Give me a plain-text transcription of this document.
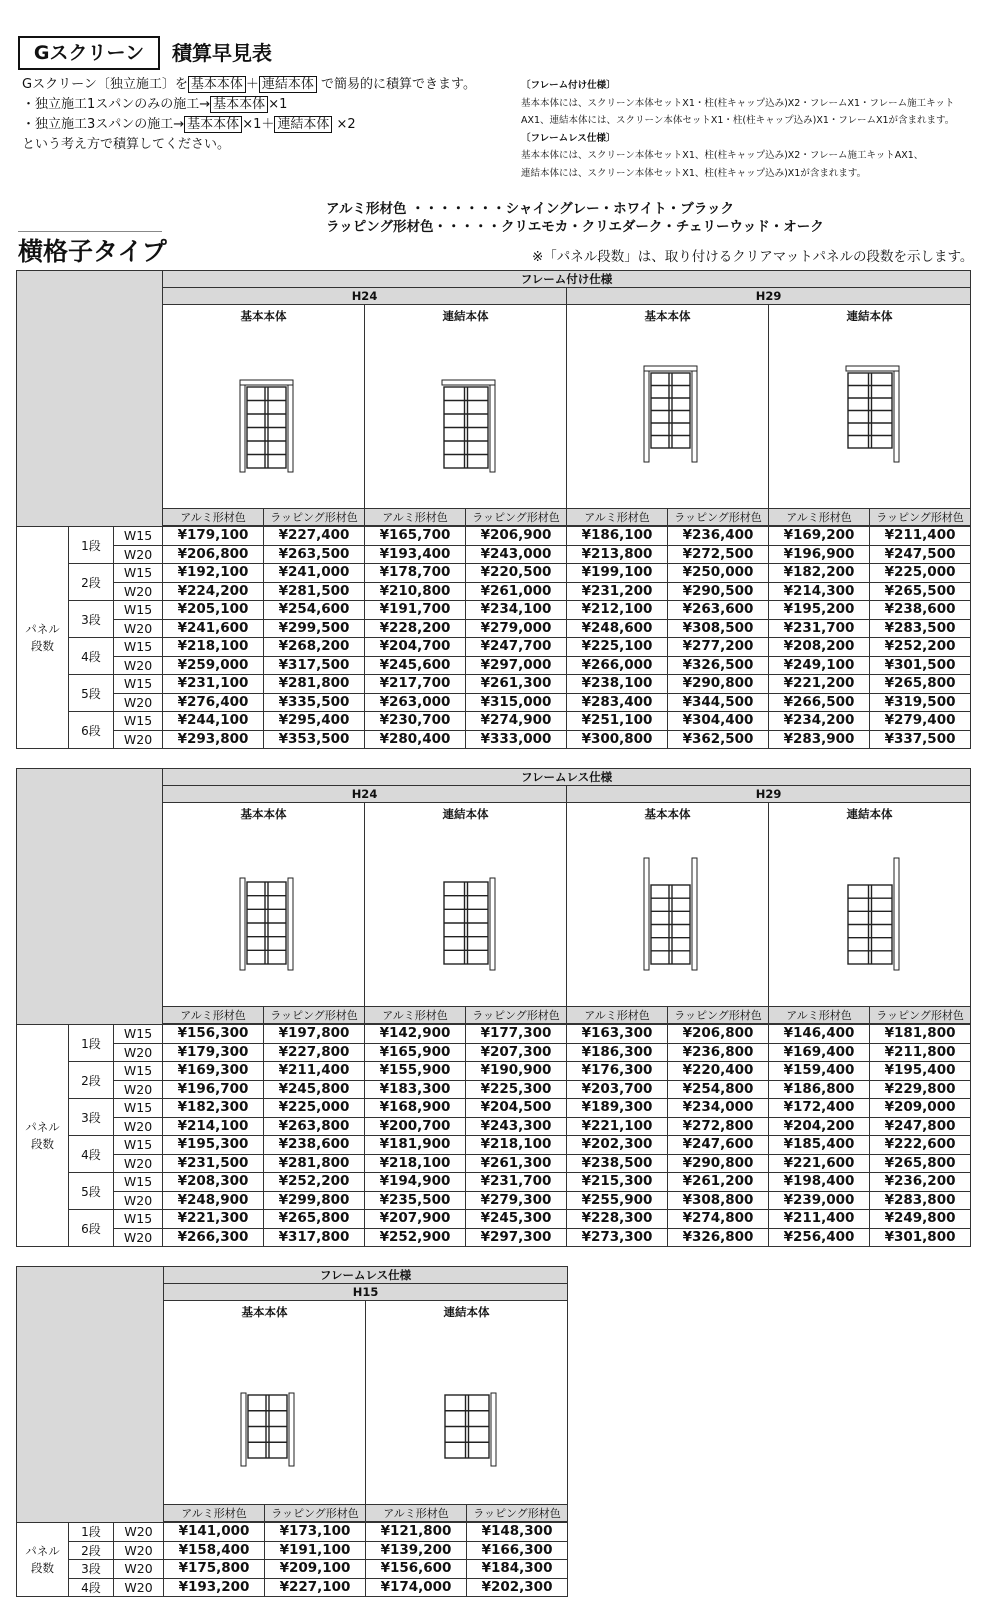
Gスクリーン	積算早見表
Gスクリーン〔独立施工〕を 基本本体 ＋ 連結本体 で簡易的に積算できます。
・独立施工1スパンのみの施工→ 基本本体 ×1
・独立施工3スパンの施工→ 基本本体 ×1＋ 連結本体 ×2
という考え方で積算してください。
〔フレーム付け仕様〕
基本本体には、スクリーン本体セットX1・柱(柱キャップ込み)X2・フレームX1・フレーム施工キット
AX1、連結本体には、スクリーン本体セットX1・柱(柱キャップ込み)X1・フレームX1が含まれます。
〔フレームレス仕様〕
基本本体には、スクリーン本体セットX1、柱(柱キャップ込み)X2・フレーム施工キットAX1、
連結本体には、スクリーン本体セットX1、柱(柱キャップ込み)X1が含まれます。
アルミ形材色 ・・・・・・・シャイングレー・ホワイト・ブラック
ラッピング形材色・・・・・クリエモカ・クリエダーク・チェリーウッド・オーク
横格子タイプ	※「パネル段数」は、取り付けるクリアマットパネルの段数を示します。
			フレーム付け仕様							
			H24				H29			

			基本本体		連結本体		基本本体		連結本体	

			アルミ形材色	ラッピング形材色	アルミ形材色	ラッピング形材色	アルミ形材色	ラッピング形材色	アルミ形材色	ラッピング形材色

パネル
段数	1段	W15	¥179,100	¥227,400	¥165,700	¥206,900	¥186,100	¥236,400	¥169,200	¥211,400
		W20	¥206,800	¥263,500	¥193,400	¥243,000	¥213,800	¥272,500	¥196,900	¥247,500
	2段	W15	¥192,100	¥241,000	¥178,700	¥220,500	¥199,100	¥250,000	¥182,200	¥225,000
		W20	¥224,200	¥281,500	¥210,800	¥261,000	¥231,200	¥290,500	¥214,300	¥265,500
	3段	W15	¥205,100	¥254,600	¥191,700	¥234,100	¥212,100	¥263,600	¥195,200	¥238,600
		W20	¥241,600	¥299,500	¥228,200	¥279,000	¥248,600	¥308,500	¥231,700	¥283,500
	4段	W15	¥218,100	¥268,200	¥204,700	¥247,700	¥225,100	¥277,200	¥208,200	¥252,200
		W20	¥259,000	¥317,500	¥245,600	¥297,000	¥266,000	¥326,500	¥249,100	¥301,500
	5段	W15	¥231,100	¥281,800	¥217,700	¥261,300	¥238,100	¥290,800	¥221,200	¥265,800
		W20	¥276,400	¥335,500	¥263,000	¥315,000	¥283,400	¥344,500	¥266,500	¥319,500
	6段	W15	¥244,100	¥295,400	¥230,700	¥274,900	¥251,100	¥304,400	¥234,200	¥279,400
		W20	¥293,800	¥353,500	¥280,400	¥333,000	¥300,800	¥362,500	¥283,900	¥337,500
			フレームレス仕様							
			H24				H29			

			基本本体		連結本体		基本本体		連結本体	

			アルミ形材色	ラッピング形材色	アルミ形材色	ラッピング形材色	アルミ形材色	ラッピング形材色	アルミ形材色	ラッピング形材色

パネル
段数	1段	W15	¥156,300	¥197,800	¥142,900	¥177,300	¥163,300	¥206,800	¥146,400	¥181,800
		W20	¥179,300	¥227,800	¥165,900	¥207,300	¥186,300	¥236,800	¥169,400	¥211,800
	2段	W15	¥169,300	¥211,400	¥155,900	¥190,900	¥176,300	¥220,400	¥159,400	¥195,400
		W20	¥196,700	¥245,800	¥183,300	¥225,300	¥203,700	¥254,800	¥186,800	¥229,800
	3段	W15	¥182,300	¥225,000	¥168,900	¥204,500	¥189,300	¥234,000	¥172,400	¥209,000
		W20	¥214,100	¥263,800	¥200,700	¥243,300	¥221,100	¥272,800	¥204,200	¥247,800
	4段	W15	¥195,300	¥238,600	¥181,900	¥218,100	¥202,300	¥247,600	¥185,400	¥222,600
		W20	¥231,500	¥281,800	¥218,100	¥261,300	¥238,500	¥290,800	¥221,600	¥265,800
	5段	W15	¥208,300	¥252,200	¥194,900	¥231,700	¥215,300	¥261,200	¥198,400	¥236,200
		W20	¥248,900	¥299,800	¥235,500	¥279,300	¥255,900	¥308,800	¥239,000	¥283,800
	6段	W15	¥221,300	¥265,800	¥207,900	¥245,300	¥228,300	¥274,800	¥211,400	¥249,800
		W20	¥266,300	¥317,800	¥252,900	¥297,300	¥273,300	¥326,800	¥256,400	¥301,800
			フレームレス仕様			
			H15			

			基本本体		連結本体	

			アルミ形材色	ラッピング形材色	アルミ形材色	ラッピング形材色

パネル
段数	1段	W20	¥141,000	¥173,100	¥121,800	¥148,300
	2段	W20	¥158,400	¥191,100	¥139,200	¥166,300
	3段	W20	¥175,800	¥209,100	¥156,600	¥184,300
	4段	W20	¥193,200	¥227,100	¥174,000	¥202,300
